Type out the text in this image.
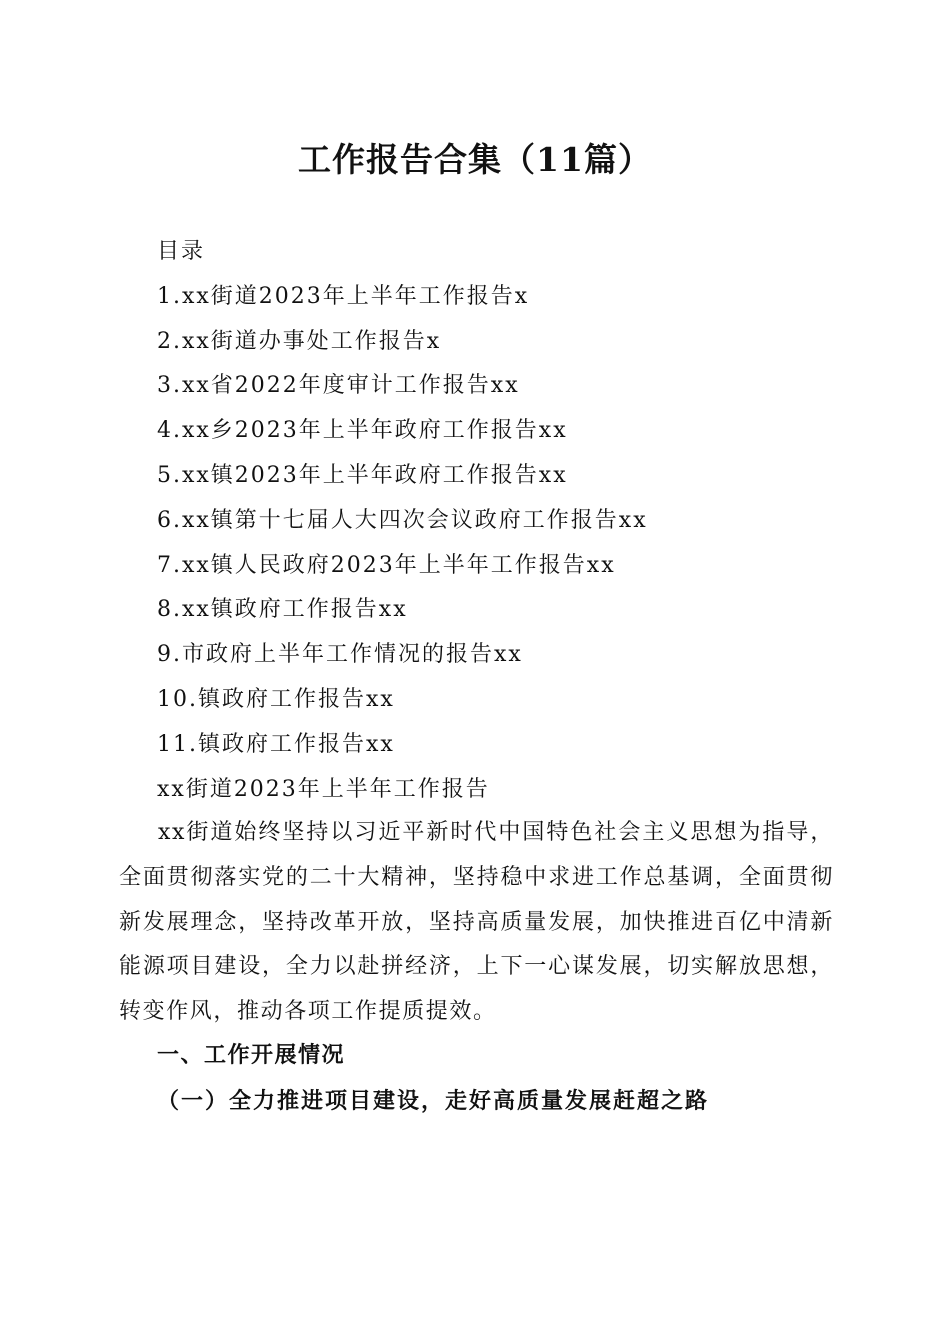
工作报告合集（11篇）
目录
1.xx街道2023年上半年工作报告x
2.xx街道办事处工作报告x
3.xx省2022年度审计工作报告xx
4.xx乡2023年上半年政府工作报告xx
5.xx镇2023年上半年政府工作报告xx
6.xx镇第十七届人大四次会议政府工作报告xx
7.xx镇人民政府2023年上半年工作报告xx
8.xx镇政府工作报告xx
9.市政府上半年工作情况的报告xx
10.镇政府工作报告xx
11.镇政府工作报告xx
xx街道2023年上半年工作报告
xx街道始终坚持以习近平新时代中国特色社会主义思想为指导，全面贯彻落实党的二十大精神，坚持稳中求进工作总基调，全面贯彻新发展理念，坚持改革开放，坚持高质量发展，加快推进百亿中清新能源项目建设，全力以赴拼经济，上下一心谋发展，切实解放思想，转变作风，推动各项工作提质提效。
一、工作开展情况
（一）全力推进项目建设，走好高质量发展赶超之路
